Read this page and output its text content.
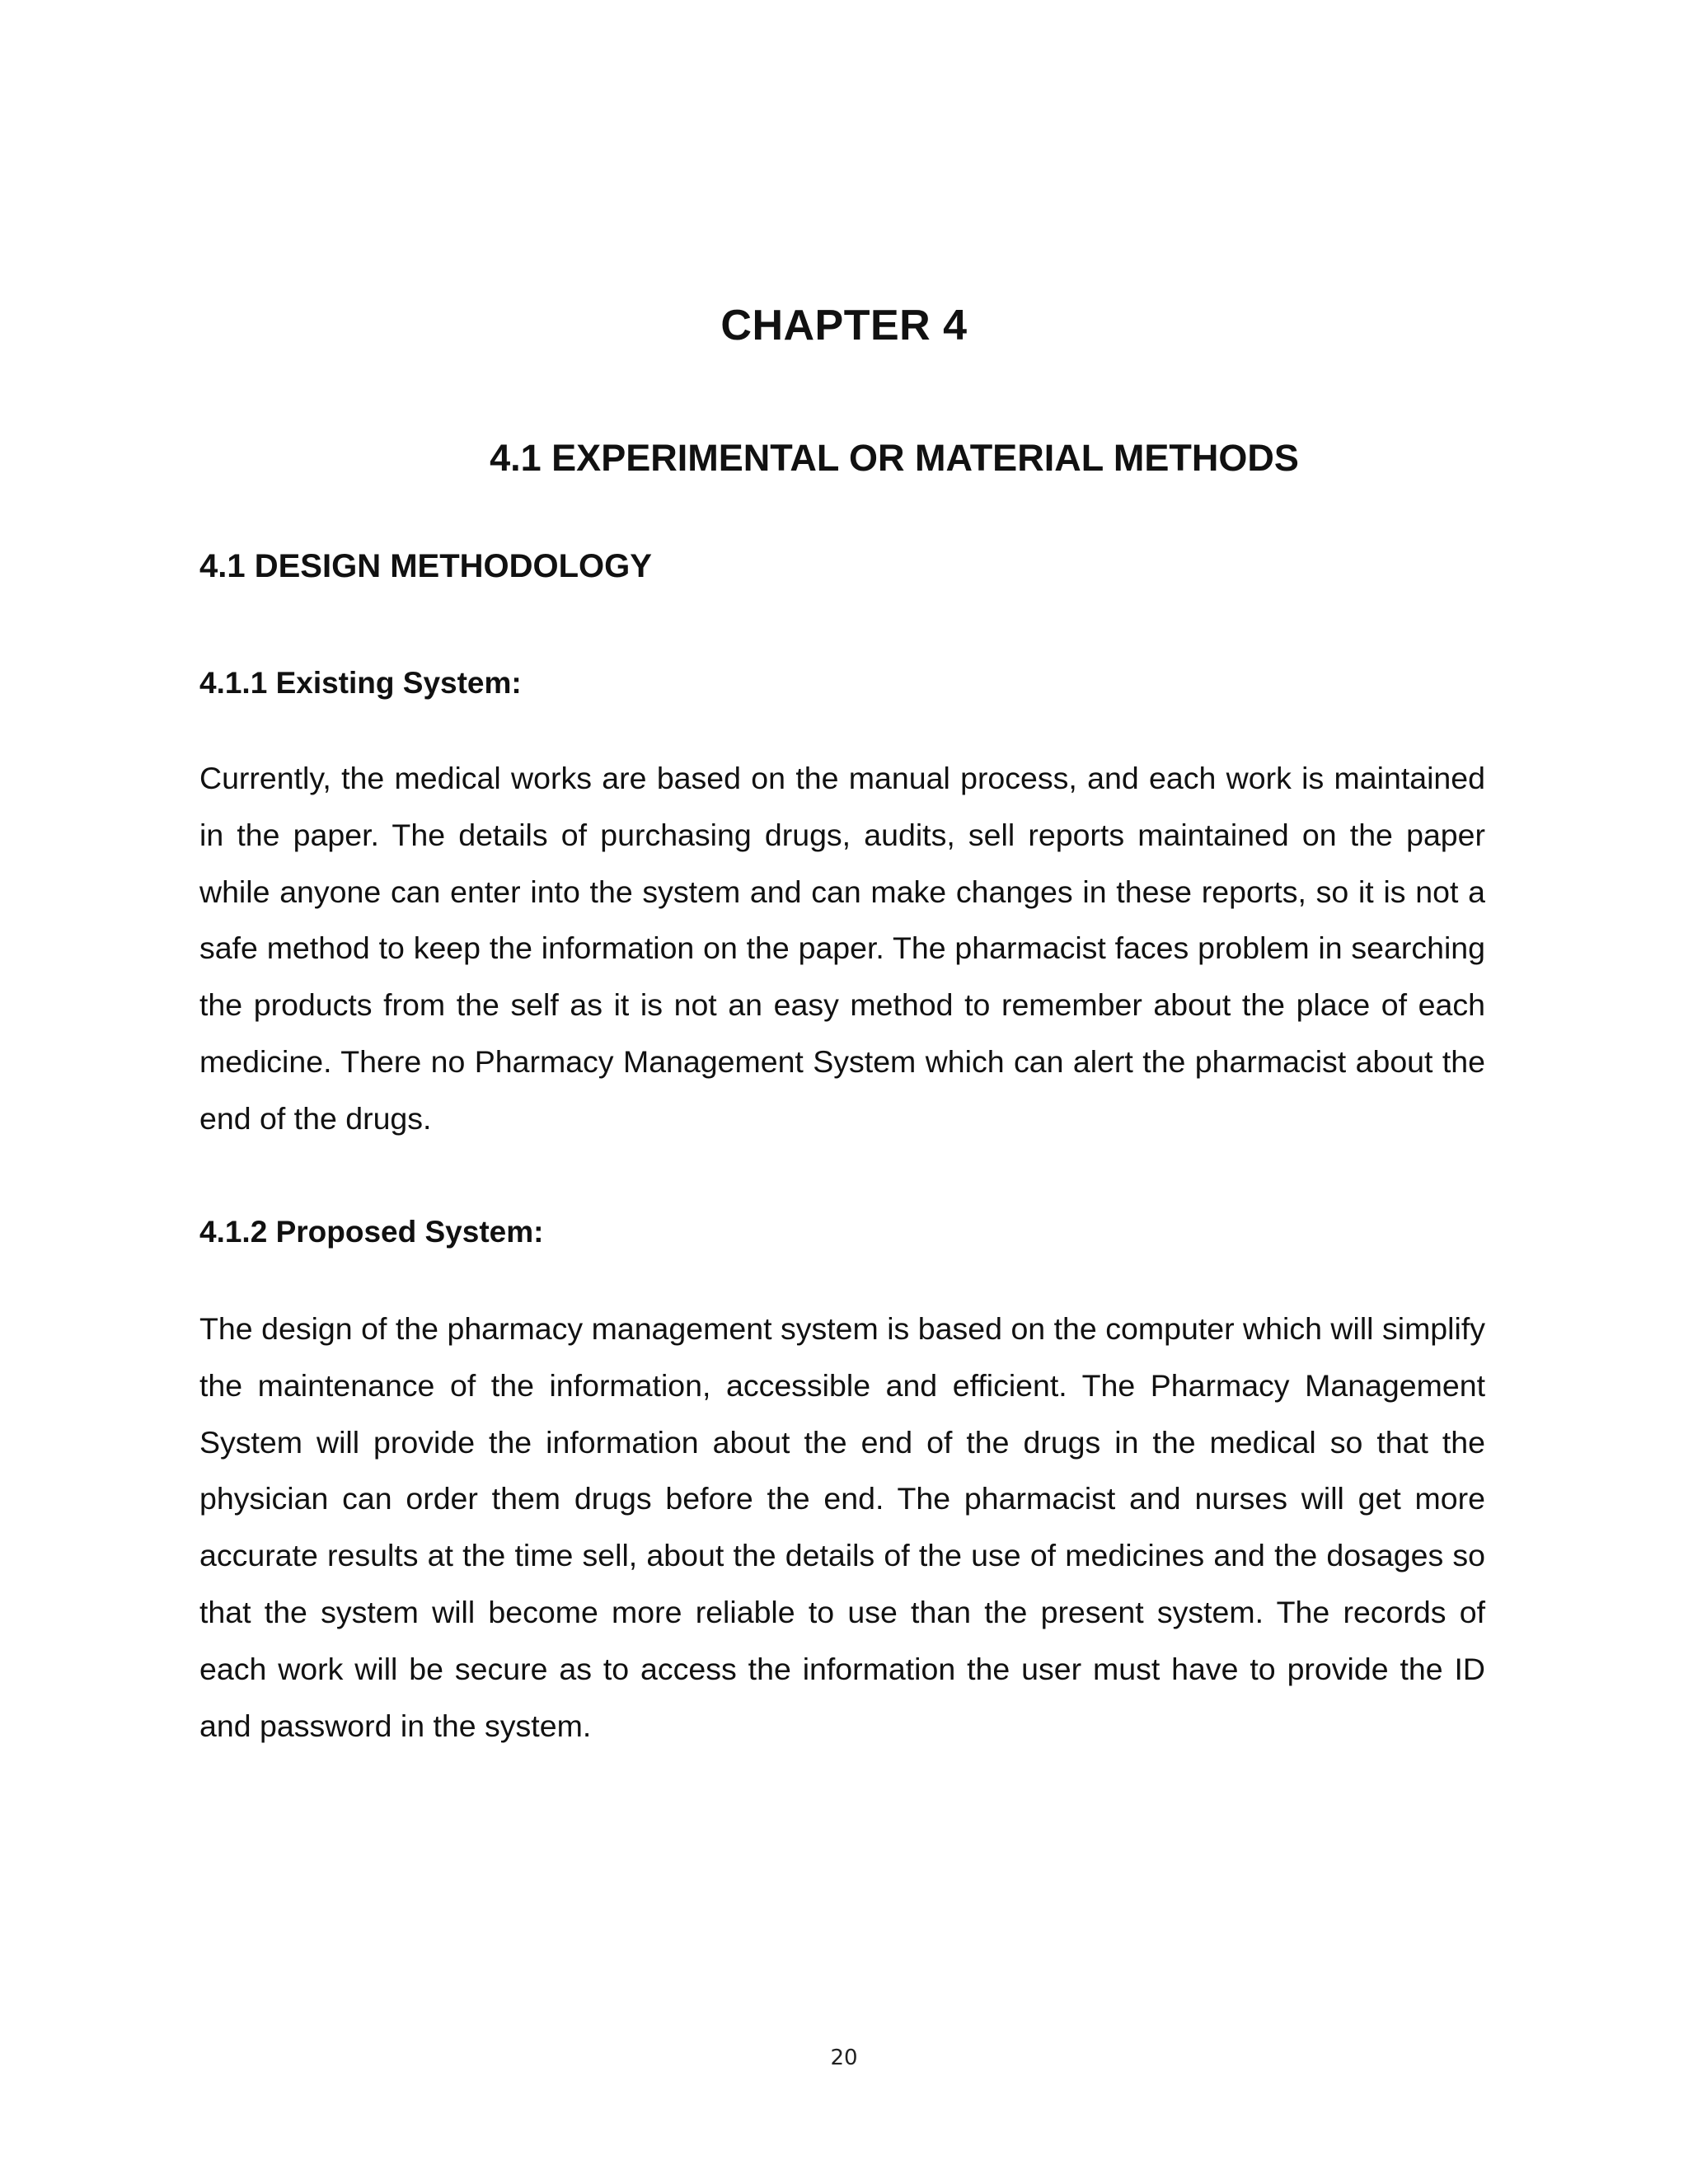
CHAPTER 4
4.1 EXPERIMENTAL OR MATERIAL METHODS
4.1 DESIGN METHODOLOGY
4.1.1 Existing System:

Currently, the medical works are based on the manual process, and each work is maintained in the paper. The details of purchasing drugs, audits, sell reports maintained on the paper while anyone can enter into the system and can make changes in these reports, so it is not a safe method to keep the information on the paper. The pharmacist faces problem in searching the products from the self as it is not an easy method to remember about the place of each medicine. There no Pharmacy Management System which can alert the pharmacist about the end of the drugs.

4.1.2 Proposed System:

The design of the pharmacy management system is based on the computer which will simplify the maintenance of the information, accessible and efficient. The Pharmacy Management System will provide the information about the end of the drugs in the medical so that the physician can order them drugs before the end. The pharmacist and nurses will get more accurate results at the time sell, about the details of the use of medicines and the dosages so that the system will become more reliable to use than the present system. The records of each work will be secure as to access the information the user must have to provide the ID and password in the system.

20
